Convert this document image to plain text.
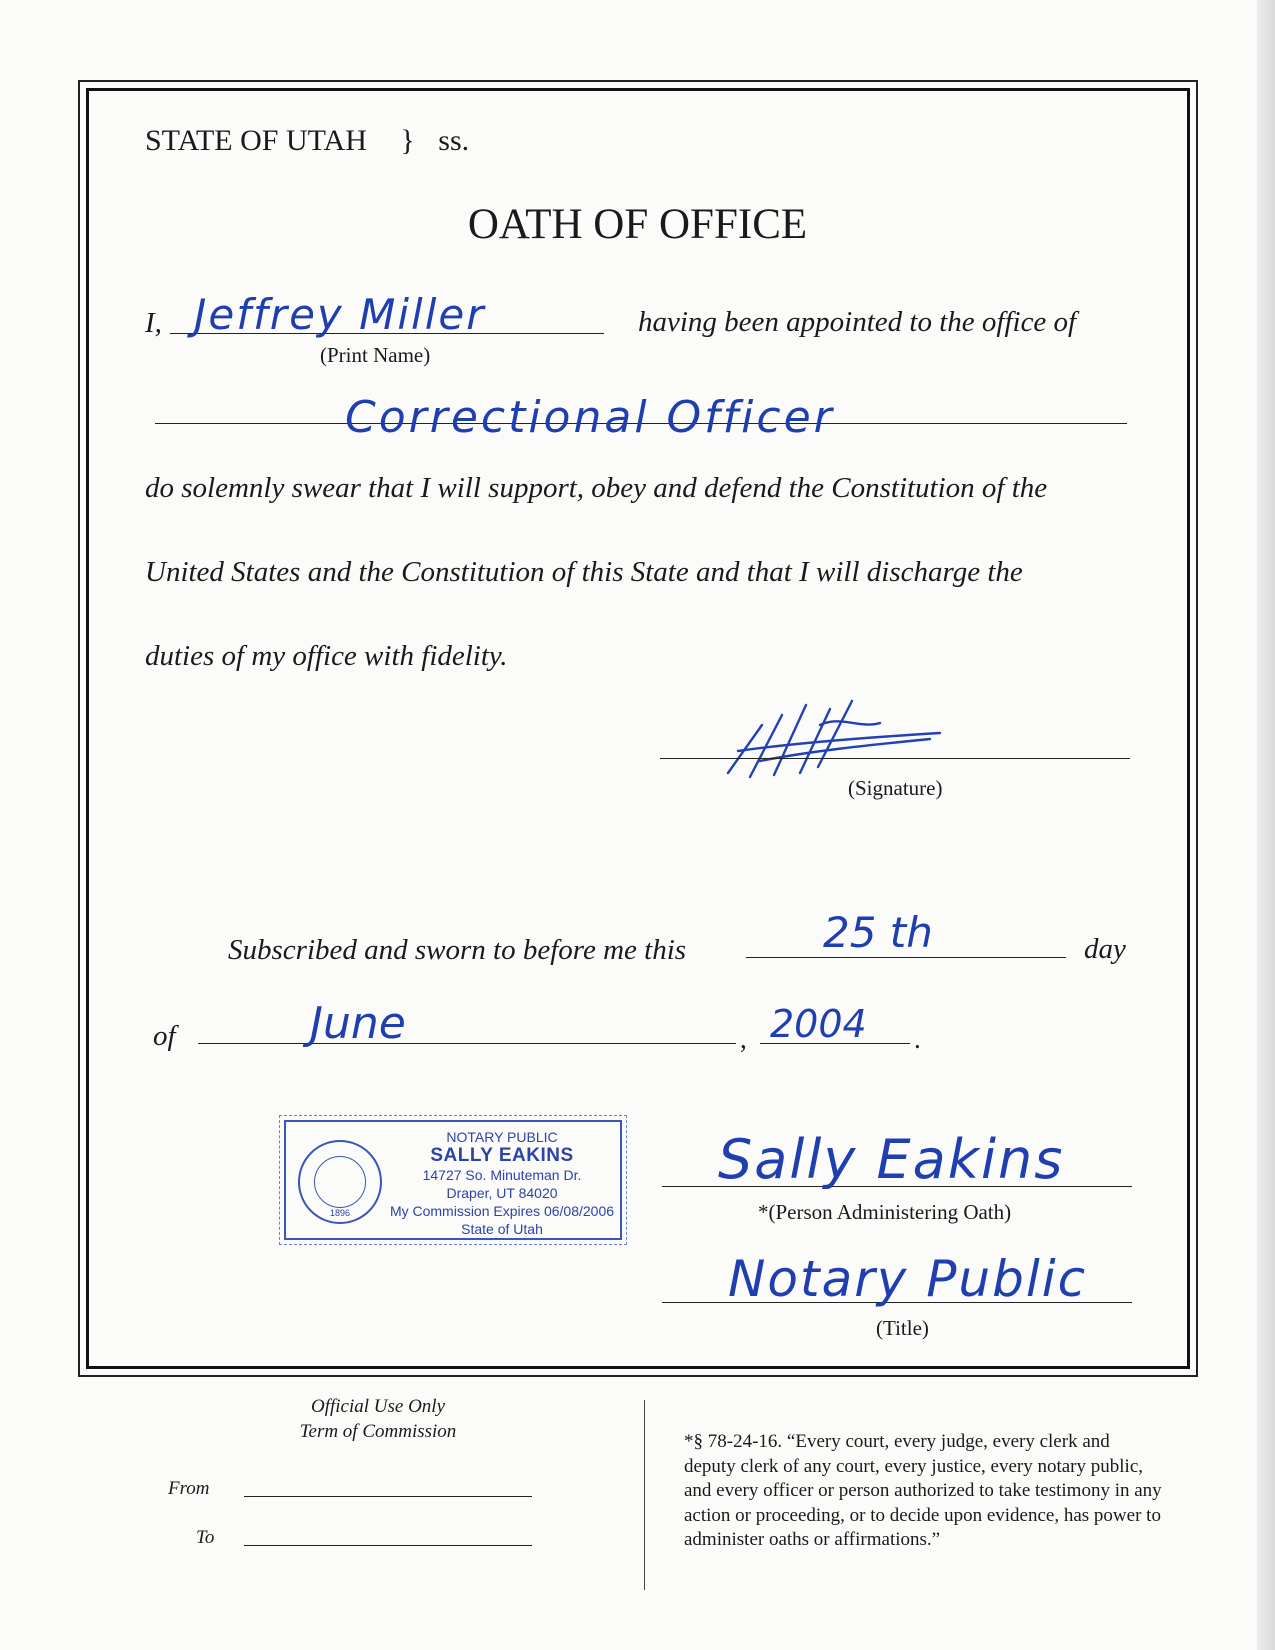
STATE OF UTAH } ss.
OATH OF OFFICE
I, Jeffrey Miller
(Print Name)
having been appointed to the office of
Correctional Officer
do solemnly swear that I will support, obey and defend the Constitution of the
United States and the Constitution of this State and that I will discharge the
duties of my office with fidelity.
(Signature)
Subscribed and sworn to before me this	25 th	day
of	June	, 2004 .
1896
NOTARY PUBLIC
SALLY EAKINS
14727 So. Minuteman Dr.
Draper, UT 84020
My Commission Expires 06/08/2006
State of Utah
Sally Eakins
*(Person Administering Oath)
Notary Public
(Title)
Official Use Only
Term of Commission
From
To
*§ 78-24-16. “Every court, every judge, every clerk and deputy clerk of any court, every justice, every notary public, and every officer or person authorized to take testimony in any action or proceeding, or to decide upon evidence, has power to administer oaths or affirmations.”
